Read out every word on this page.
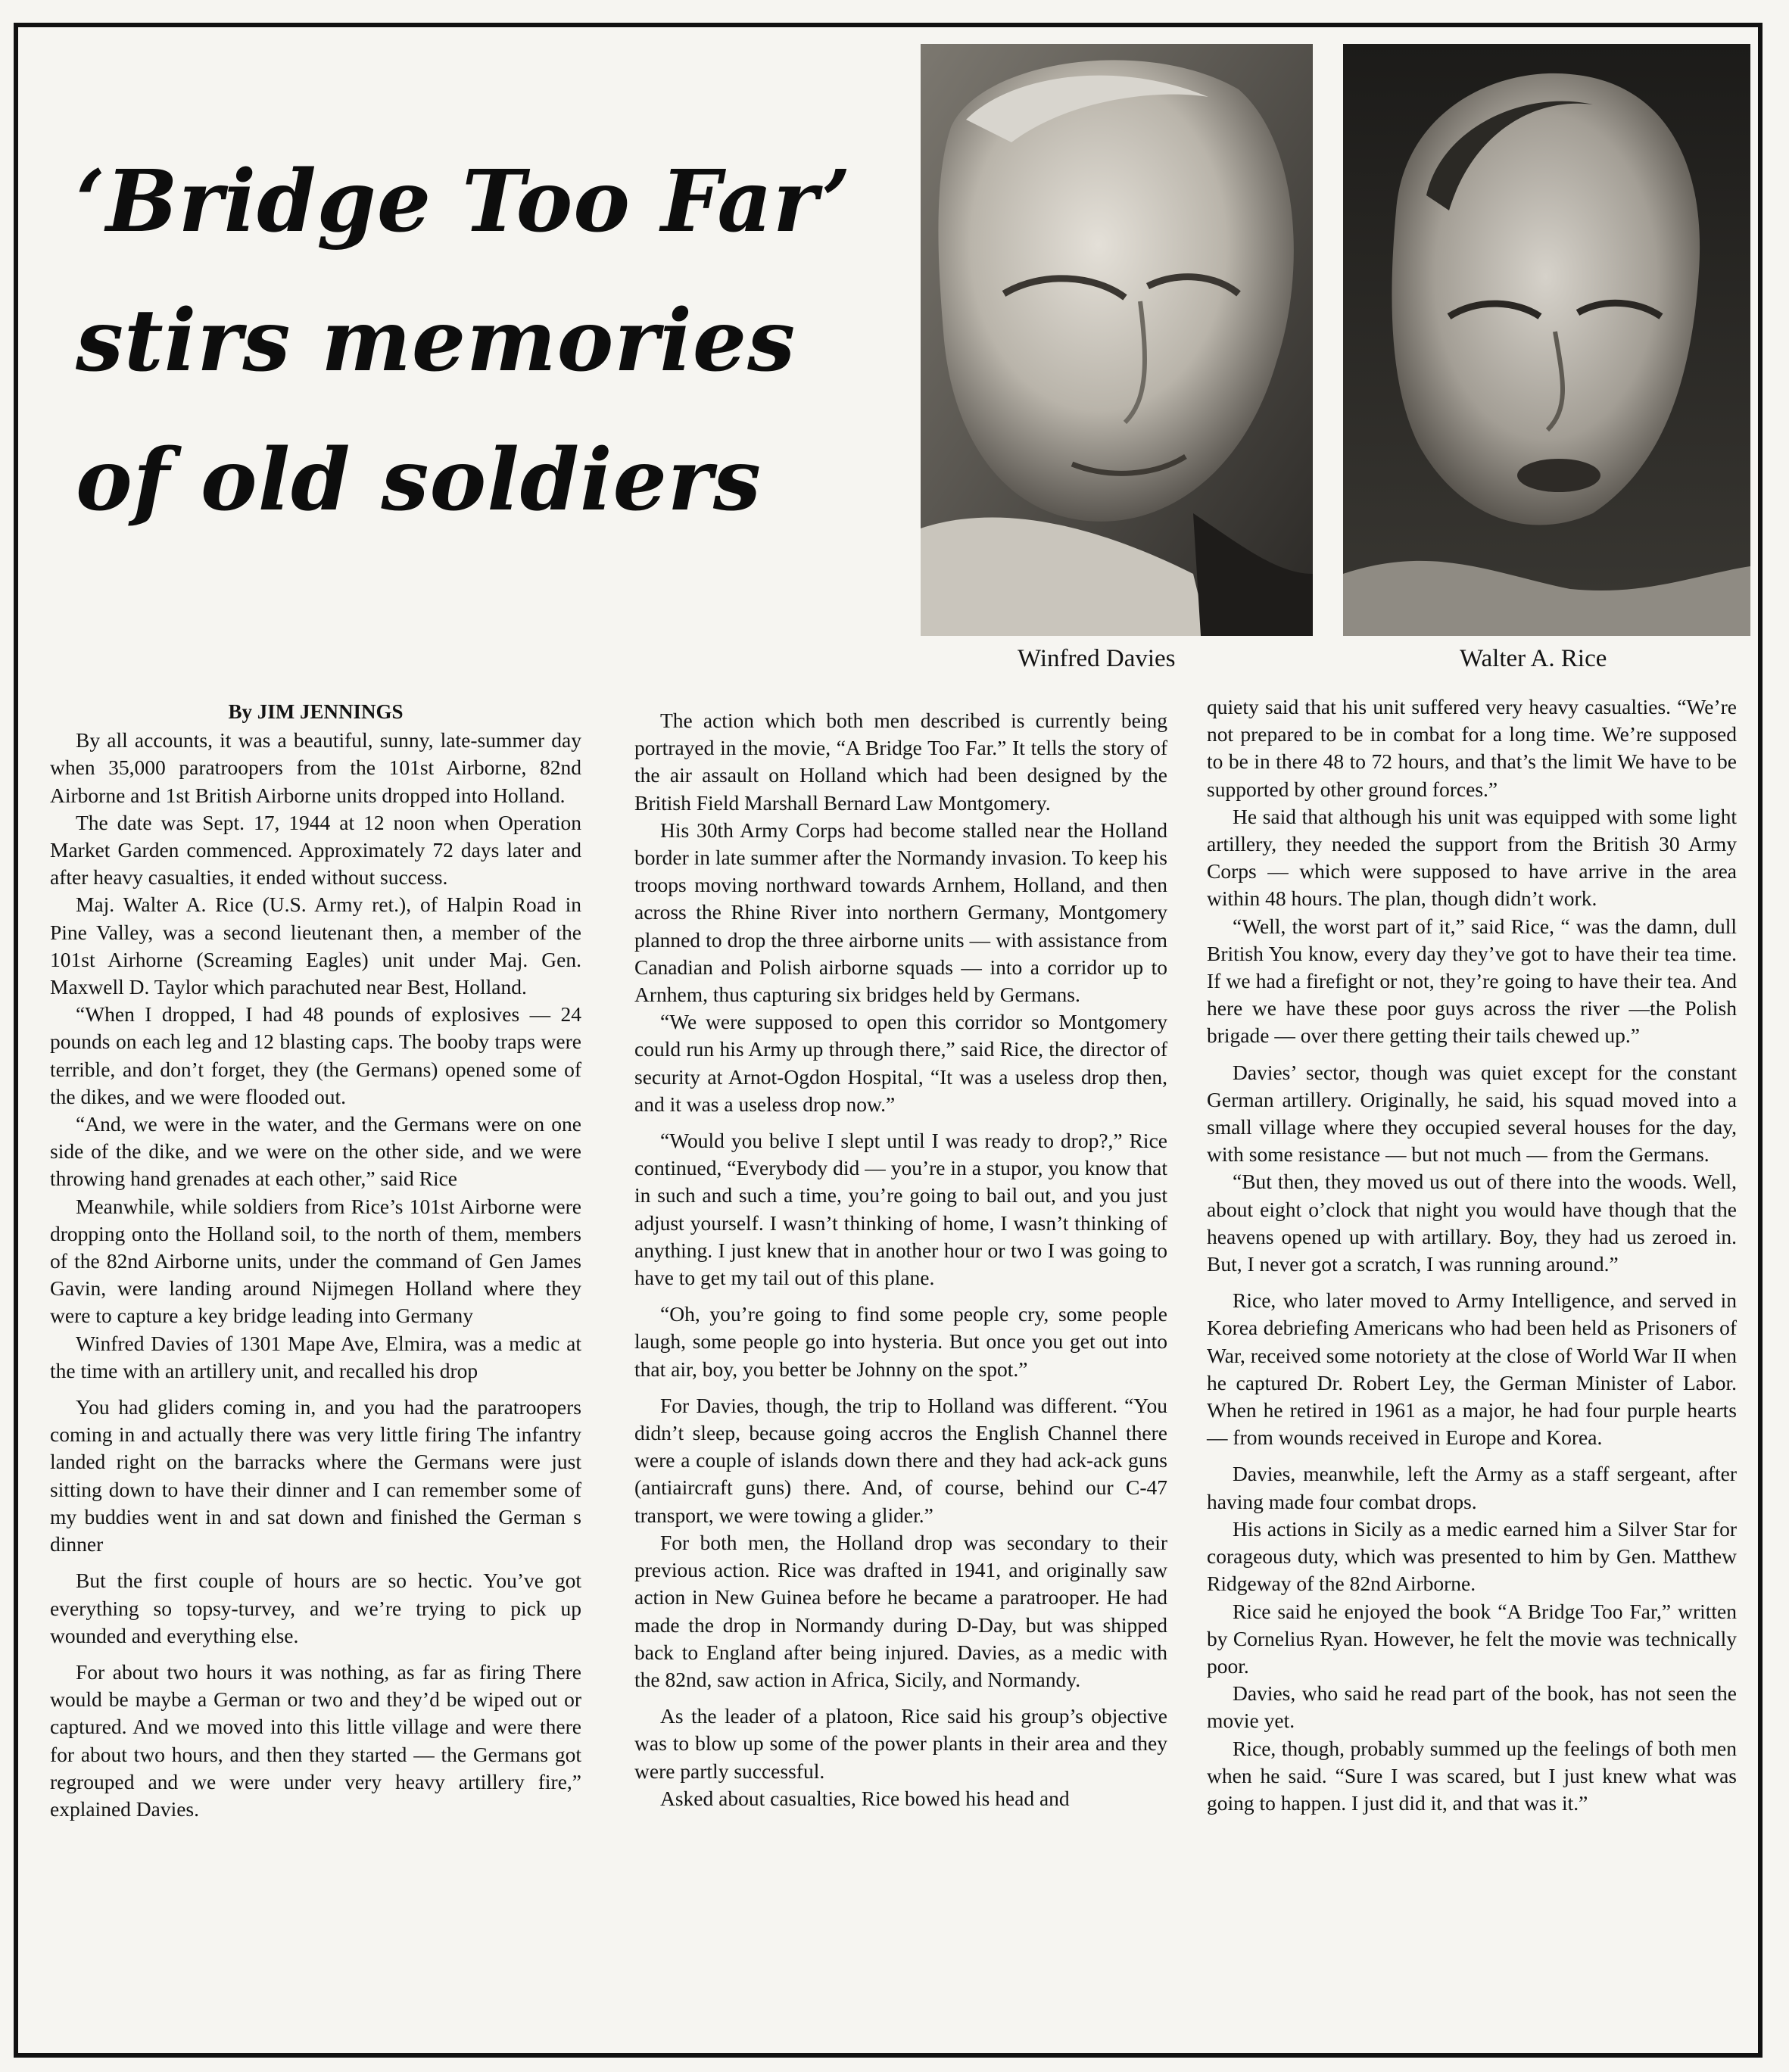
‘Bridge Too Far’
stirs memories
of old soldiers
Winfred Davies	Walter A. Rice

By JIM JENNINGS

By all accounts, it was a beautiful, sunny, late-summer day when 35,000 paratroopers from the 101st Airborne, 82nd Airborne and 1st British Airborne units dropped into Holland.

The date was Sept. 17, 1944 at 12 noon when Operation Market Garden commenced. Approximately 72 days later and after heavy casualties, it ended without success.

Maj. Walter A. Rice (U.S. Army ret.), of Halpin Road in Pine Valley, was a second lieutenant then, a member of the 101st Airhorne (Screaming Eagles) unit under Maj. Gen. Maxwell D. Taylor which parachuted near Best, Holland.

“When I dropped, I had 48 pounds of explosives — 24 pounds on each leg and 12 blasting caps. The booby traps were terrible, and don’t forget, they (the Germans) opened some of the dikes, and we were flooded out.

“And, we were in the water, and the Germans were on one side of the dike, and we were on the other side, and we were throwing hand grenades at each other,” said Rice

Meanwhile, while soldiers from Rice’s 101st Airborne were dropping onto the Holland soil, to the north of them, members of the 82nd Airborne units, under the command of Gen James Gavin, were landing around Nijmegen Holland where they were to capture a key bridge leading into Germany

Winfred Davies of 1301 Mape Ave, Elmira, was a medic at the time with an artillery unit, and recalled his drop

You had gliders coming in, and you had the paratroopers coming in and actually there was very little firing The infantry landed right on the barracks where the Germans were just sitting down to have their dinner and I can remember some of my buddies went in and sat down and finished the German s dinner

But the first couple of hours are so hectic. You’ve got everything so topsy-turvey, and we’re trying to pick up wounded and everything else.

For about two hours it was nothing, as far as firing There would be maybe a German or two and they’d be wiped out or captured. And we moved into this little village and were there for about two hours, and then they started — the Germans got regrouped and we were under very heavy artillery fire,” explained Davies.

The action which both men described is currently being portrayed in the movie, “A Bridge Too Far.” It tells the story of the air assault on Holland which had been designed by the British Field Marshall Bernard Law Montgomery.

His 30th Army Corps had become stalled near the Holland border in late summer after the Normandy invasion. To keep his troops moving northward towards Arnhem, Holland, and then across the Rhine River into northern Germany, Montgomery planned to drop the three airborne units — with assistance from Canadian and Polish airborne squads — into a corridor up to Arnhem, thus capturing six bridges held by Germans.

“We were supposed to open this corridor so Montgomery could run his Army up through there,” said Rice, the director of security at Arnot-Ogdon Hospital, “It was a useless drop then, and it was a useless drop now.”

“Would you belive I slept until I was ready to drop?,” Rice continued, “Everybody did — you’re in a stupor, you know that in such and such a time, you’re going to bail out, and you just adjust yourself. I wasn’t thinking of home, I wasn’t thinking of anything. I just knew that in another hour or two I was going to have to get my tail out of this plane.

“Oh, you’re going to find some people cry, some people laugh, some people go into hysteria. But once you get out into that air, boy, you better be Johnny on the spot.”

For Davies, though, the trip to Holland was different. “You didn’t sleep, because going accros the English Channel there were a couple of islands down there and they had ack-ack guns (antiaircraft guns) there. And, of course, behind our C-47 transport, we were towing a glider.”

For both men, the Holland drop was secondary to their previous action. Rice was drafted in 1941, and originally saw action in New Guinea before he became a paratrooper. He had made the drop in Normandy during D-Day, but was shipped back to England after being injured. Davies, as a medic with the 82nd, saw action in Africa, Sicily, and Normandy.

As the leader of a platoon, Rice said his group’s objective was to blow up some of the power plants in their area and they were partly successful.

Asked about casualties, Rice bowed his head and

quiety said that his unit suffered very heavy casualties. “We’re not prepared to be in combat for a long time. We’re supposed to be in there 48 to 72 hours, and that’s the limit We have to be supported by other ground forces.”

He said that although his unit was equipped with some light artillery, they needed the support from the British 30 Army Corps — which were supposed to have arrive in the area within 48 hours. The plan, though didn’t work.

“Well, the worst part of it,” said Rice, “ was the damn, dull British You know, every day they’ve got to have their tea time. If we had a firefight or not, they’re going to have their tea. And here we have these poor guys across the river —the Polish brigade — over there getting their tails chewed up.”

Davies’ sector, though was quiet except for the constant German artillery. Originally, he said, his squad moved into a small village where they occupied several houses for the day, with some resistance — but not much — from the Germans.

“But then, they moved us out of there into the woods. Well, about eight o’clock that night you would have though that the heavens opened up with artillary. Boy, they had us zeroed in. But, I never got a scratch, I was running around.”

Rice, who later moved to Army Intelligence, and served in Korea debriefing Americans who had been held as Prisoners of War, received some notoriety at the close of World War II when he captured Dr. Robert Ley, the German Minister of Labor. When he retired in 1961 as a major, he had four purple hearts — from wounds received in Europe and Korea.

Davies, meanwhile, left the Army as a staff sergeant, after having made four combat drops.

His actions in Sicily as a medic earned him a Silver Star for corageous duty, which was presented to him by Gen. Matthew Ridgeway of the 82nd Airborne.

Rice said he enjoyed the book “A Bridge Too Far,” written by Cornelius Ryan. However, he felt the movie was technically poor.

Davies, who said he read part of the book, has not seen the movie yet.

Rice, though, probably summed up the feelings of both men when he said. “Sure I was scared, but I just knew what was going to happen. I just did it, and that was it.”
